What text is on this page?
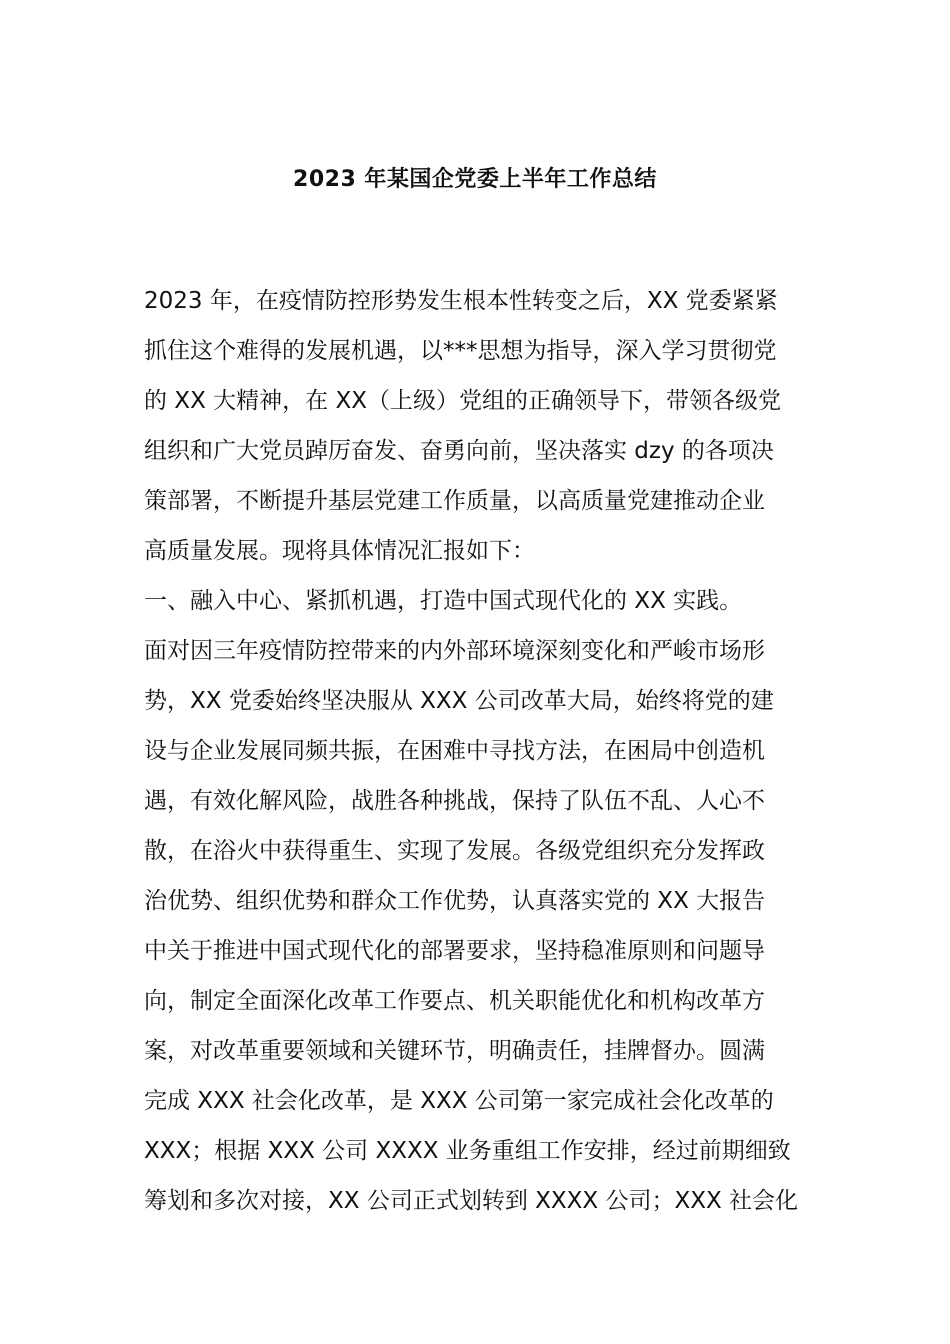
2023 年某国企党委上半年工作总结
2023 年，在疫情防控形势发生根本性转变之后，XX 党委紧紧
抓住这个难得的发展机遇，以***思想为指导，深入学习贯彻党
的 XX 大精神，在 XX（上级）党组的正确领导下，带领各级党
组织和广大党员踔厉奋发、奋勇向前，坚决落实 dzy 的各项决
策部署，不断提升基层党建工作质量，以高质量党建推动企业
高质量发展。现将具体情况汇报如下：
一、融入中心、紧抓机遇，打造中国式现代化的 XX 实践。
面对因三年疫情防控带来的内外部环境深刻变化和严峻市场形
势，XX 党委始终坚决服从 XXX 公司改革大局，始终将党的建
设与企业发展同频共振，在困难中寻找方法，在困局中创造机
遇，有效化解风险，战胜各种挑战，保持了队伍不乱、人心不
散，在浴火中获得重生、实现了发展。各级党组织充分发挥政
治优势、组织优势和群众工作优势，认真落实党的 XX 大报告
中关于推进中国式现代化的部署要求，坚持稳准原则和问题导
向，制定全面深化改革工作要点、机关职能优化和机构改革方
案，对改革重要领域和关键环节，明确责任，挂牌督办。圆满
完成 XXX 社会化改革，是 XXX 公司第一家完成社会化改革的
XXX；根据 XXX 公司 XXXX 业务重组工作安排，经过前期细致
筹划和多次对接，XX 公司正式划转到 XXXX 公司；XXX 社会化
